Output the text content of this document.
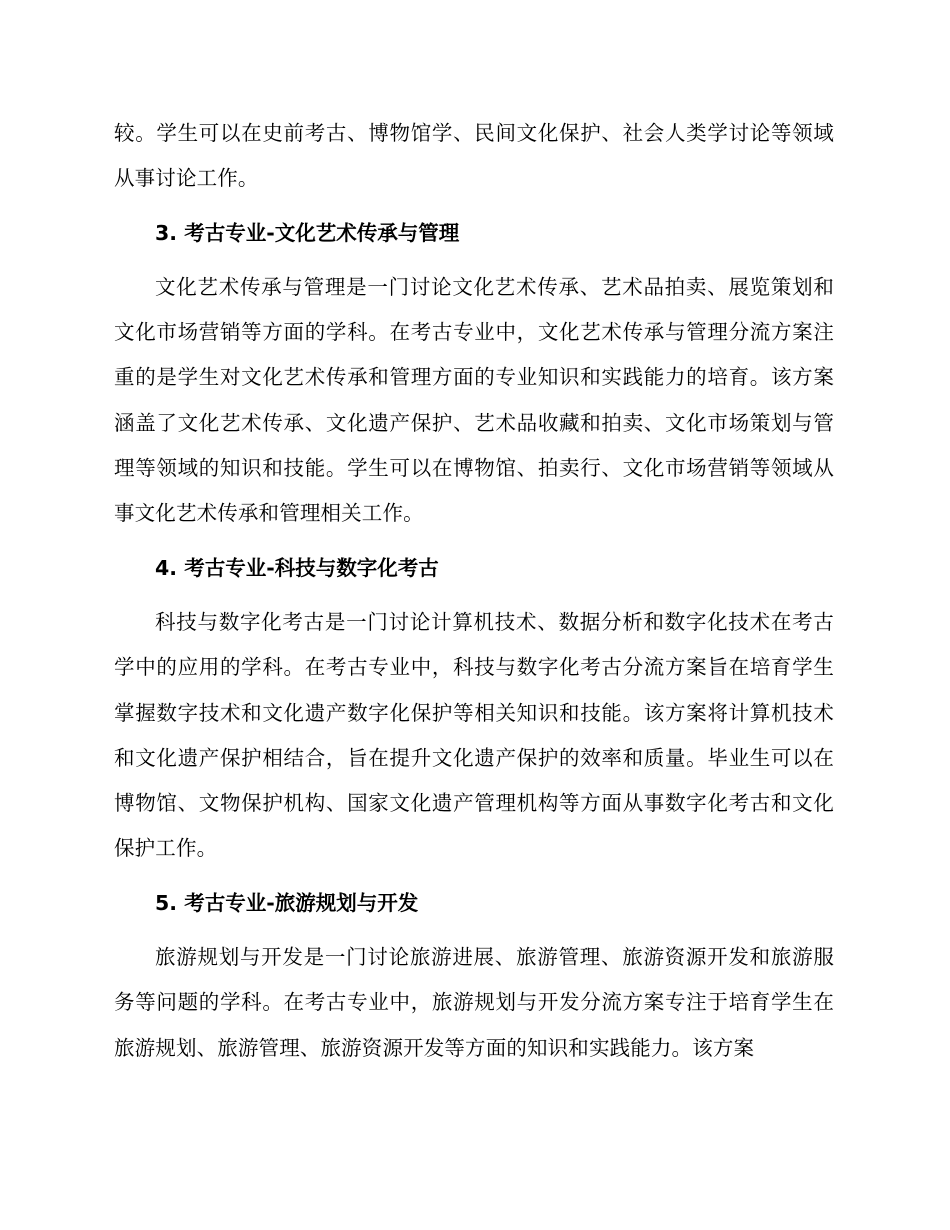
较。学生可以在史前考古、博物馆学、民间文化保护、社会人类学讨论等领域从事讨论工作。

3. 考古专业-文化艺术传承与管理

文化艺术传承与管理是一门讨论文化艺术传承、艺术品拍卖、展览策划和文化市场营销等方面的学科。在考古专业中，文化艺术传承与管理分流方案注重的是学生对文化艺术传承和管理方面的专业知识和实践能力的培育。该方案涵盖了文化艺术传承、文化遗产保护、艺术品收藏和拍卖、文化市场策划与管理等领域的知识和技能。学生可以在博物馆、拍卖行、文化市场营销等领域从事文化艺术传承和管理相关工作。

4. 考古专业-科技与数字化考古

科技与数字化考古是一门讨论计算机技术、数据分析和数字化技术在考古学中的应用的学科。在考古专业中，科技与数字化考古分流方案旨在培育学生掌握数字技术和文化遗产数字化保护等相关知识和技能。该方案将计算机技术和文化遗产保护相结合，旨在提升文化遗产保护的效率和质量。毕业生可以在博物馆、文物保护机构、国家文化遗产管理机构等方面从事数字化考古和文化保护工作。

5. 考古专业-旅游规划与开发

旅游规划与开发是一门讨论旅游进展、旅游管理、旅游资源开发和旅游服务等问题的学科。在考古专业中，旅游规划与开发分流方案专注于培育学生在旅游规划、旅游管理、旅游资源开发等方面的知识和实践能力。该方案
